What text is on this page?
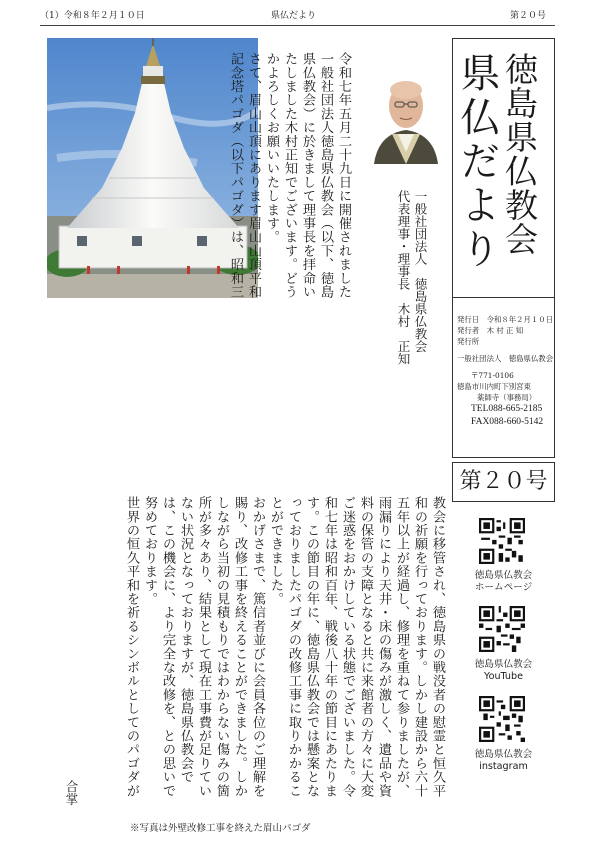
（1）令和８年２月１０日	県仏だより	第２０号
徳島県仏教会
県仏だより
発行日　令和８年２月１０日
発行者　木 村 正 知
発行所
一般社団法人　徳島県仏教会
〒771-0106
徳島市川内町下別宮東
薬師寺（事務局）
TEL088-665-2185
FAX088-660-5142
第２０号
徳島県仏教会
ホームページ
徳島県仏教会
YouTube
徳島県仏教会
instagram
一般社団法人　徳島県仏教会
代表理事・理事長　木村　正知
令和七年五月二十九日に開催されました一般社団法人徳島県仏教会（以下、徳島県仏教会）に於きまして理事長を拝命いたしました木村正知でございます。どうかよろしくお願いいたします。
さて、眉山山頂にあります眉山山頂平和記念塔パゴダ（以下パゴダ）は、昭和三

教会に移管され、徳島県の戦没者の慰霊と恒久平和の祈願を行っております。しかし建設から六十五年以上が経過し、修理を重ねて参りましたが、雨漏りにより天井・床の傷みが激しく、遺品や資料の保管の支障となると共に来館者の方々に大変ご迷惑をおかけしている状態でございました。令和七年は昭和百年、戦後八十年の節目にあたります。この節目の年に、徳島県仏教会では懸案となっておりましたパゴダの改修工事に取りかかることができました。
おかげさまで、篤信者並びに会員各位のご理解を賜り、改修工事を終えることができました。しかしながら当初の見積もりではわからない傷みの箇所が多々あり、結果として現在工事費が足りていない状況となっておりますが、徳島県仏教会では、この機会に、より完全な改修を、との思いで努めております。
世界の恒久平和を祈るシンボルとしてのパゴダが

合掌
※写真は外壁改修工事を終えた眉山パゴダ
